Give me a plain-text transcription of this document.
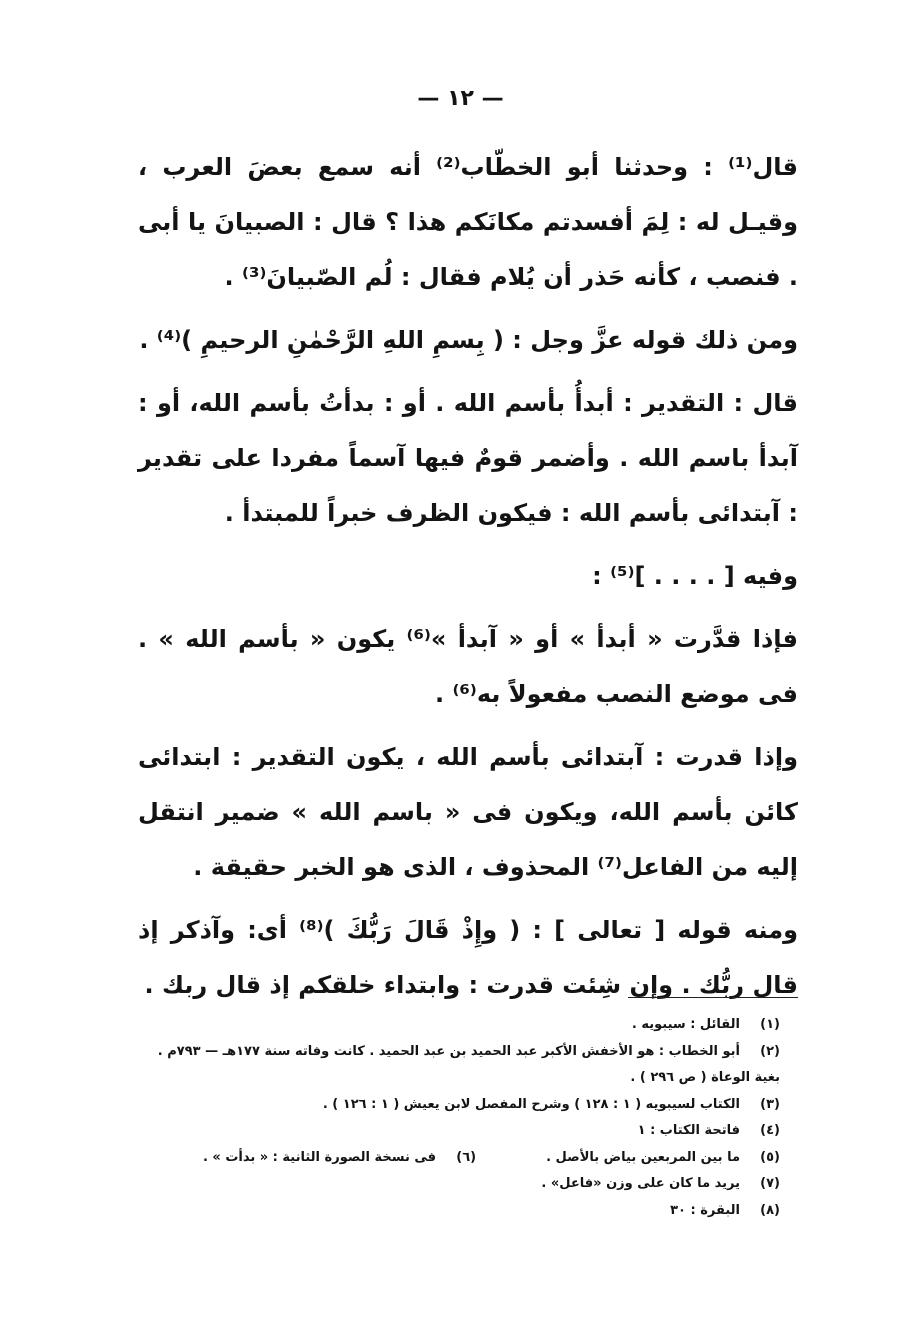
— ١٢ —

قال⁽¹⁾ : وحدثنا أبو الخطّاب⁽²⁾ أنه سمع بعضَ العرب ، وقيـل له : لِمَ أفسدتم مكانَكم هذا ؟ قال : الصبيانَ يا أبى . فنصب ، كأنه حَذر أن يُلام فقال : لُم الصّبيانَ⁽³⁾ .

ومن ذلك قوله عزَّ وجل : ( بِسمِ اللهِ الرَّحْمٰنِ الرحيمِ )⁽⁴⁾ .

قال : التقدير : أبدأُ بأسم الله . أو : بدأتُ بأسم الله، أو : آبدأ باسم الله . وأضمر قومٌ فيها آسماً مفردا على تقدير : آبتدائى بأسم الله : فيكون الظرف خبراً للمبتدأ .

وفيه [ . . . . ]⁽⁵⁾ :

فإذا قدَّرت « أبدأ » أو « آبدأ »⁽⁶⁾ يكون « بأسم الله » . فى موضع النصب مفعولاً به⁽⁶⁾ .

وإذا قدرت : آبتدائى بأسم الله ، يكون التقدير : ابتدائى كائن بأسم الله، ويكون فى « باسم الله » ضمير انتقل إليه من الفاعل⁽⁷⁾ المحذوف ، الذى هو الخبر حقيقة .

ومنه قوله [ تعالى ] : ( وإِذْ قَالَ رَبُّكَ )⁽⁸⁾ أى: وآذكر إذ قال ربُّك . وإن شِئت قدرت : وابتداء خلقكم إذ قال ربك .

(١)القائل : سيبويه .

(٢)أبو الخطاب : هو الأخفش الأكبر عبد الحميد بن عبد الحميد . كانت وفاته سنة ١٧٧هـ — ٧٩٣م .

بغية الوعاة ( ص ٢٩٦ ) .

(٣)الكتاب لسيبويه ( ١ : ١٢٨ ) وشرح المفصل لابن يعيش ( ١ : ١٢٦ ) .

(٤)فاتحة الكتاب : ١

(٥)ما بين المربعين بياض بالأصل .(٦)فى نسخة الصورة الثانية : « بدأت » .

(٧)يريد ما كان على وزن «فاعل» .

(٨)البقرة : ٣٠
